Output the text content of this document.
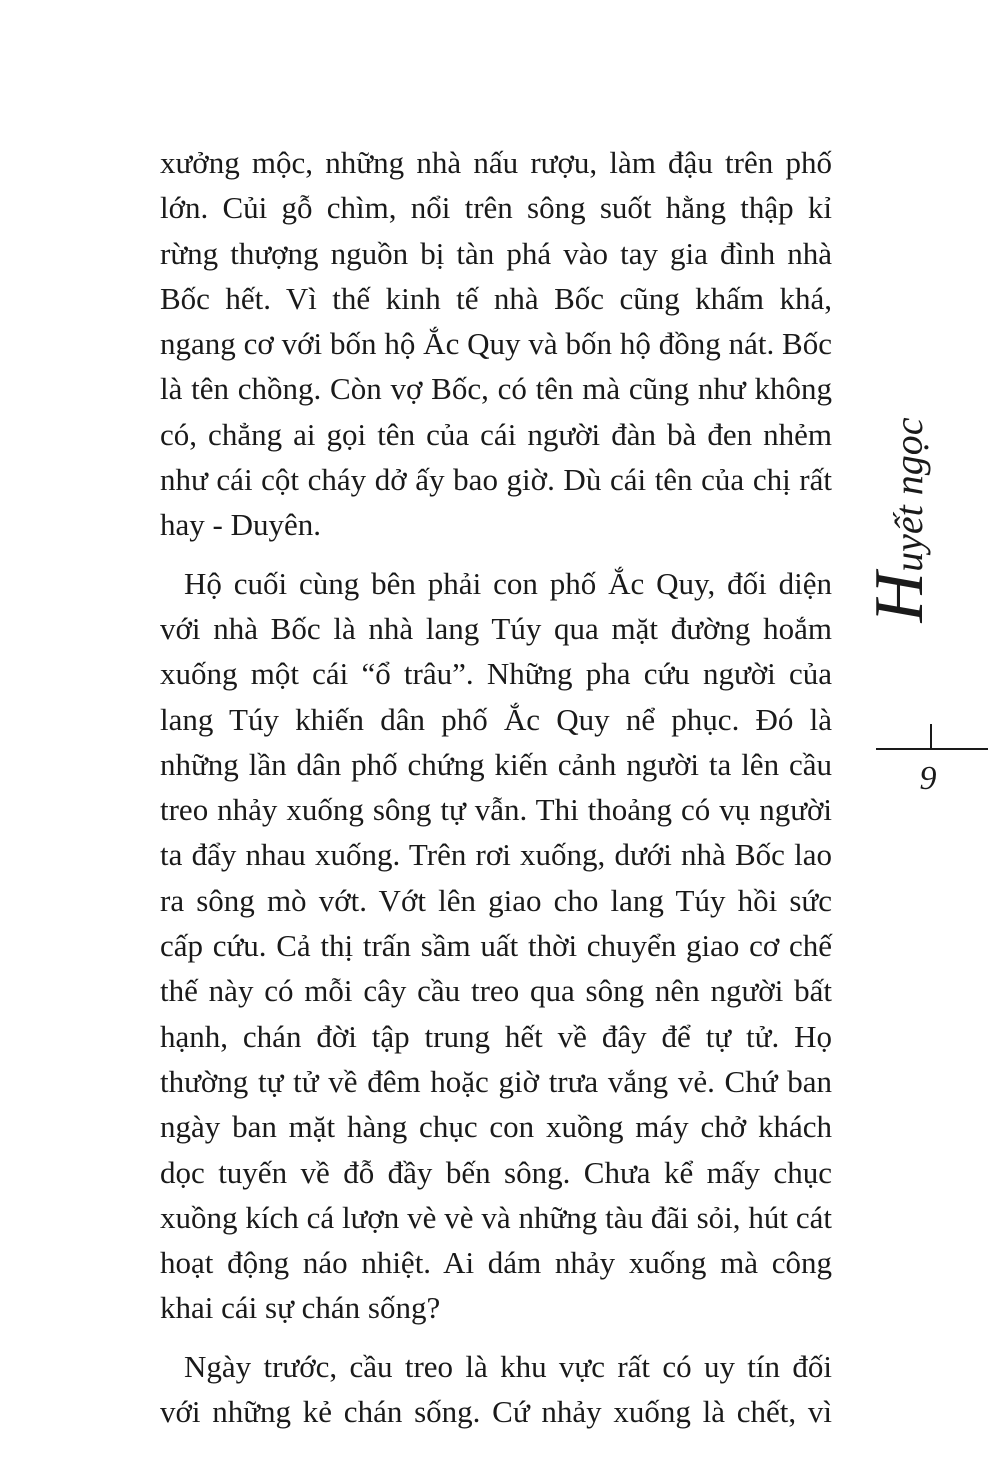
xưởng mộc, những nhà nấu rượu, làm đậu trên phố
lớn. Củi gỗ chìm, nổi trên sông suốt hằng thập kỉ
rừng thượng nguồn bị tàn phá vào tay gia đình nhà
Bốc hết. Vì thế kinh tế nhà Bốc cũng khấm khá,
ngang cơ với bốn hộ Ắc Quy và bốn hộ đồng nát. Bốc
là tên chồng. Còn vợ Bốc, có tên mà cũng như không
có, chẳng ai gọi tên của cái người đàn bà đen nhẻm
như cái cột cháy dở ấy bao giờ. Dù cái tên của chị rất
hay - Duyên.
Hộ cuối cùng bên phải con phố Ắc Quy, đối diện
với nhà Bốc là nhà lang Túy qua mặt đường hoắm
xuống một cái “ổ trâu”. Những pha cứu người của
lang Túy khiến dân phố Ắc Quy nể phục. Đó là
những lần dân phố chứng kiến cảnh người ta lên cầu
treo nhảy xuống sông tự vẫn. Thi thoảng có vụ người
ta đẩy nhau xuống. Trên rơi xuống, dưới nhà Bốc lao
ra sông mò vớt. Vớt lên giao cho lang Túy hồi sức
cấp cứu. Cả thị trấn sầm uất thời chuyển giao cơ chế
thế này có mỗi cây cầu treo qua sông nên người bất
hạnh, chán đời tập trung hết về đây để tự tử. Họ
thường tự tử về đêm hoặc giờ trưa vắng vẻ. Chứ ban
ngày ban mặt hàng chục con xuồng máy chở khách
dọc tuyến về đỗ đầy bến sông. Chưa kể mấy chục
xuồng kích cá lượn vè vè và những tàu đãi sỏi, hút cát
hoạt động náo nhiệt. Ai dám nhảy xuống mà công
khai cái sự chán sống?
Ngày trước, cầu treo là khu vực rất có uy tín đối
với những kẻ chán sống. Cứ nhảy xuống là chết, vì
Huyết ngọc
9
